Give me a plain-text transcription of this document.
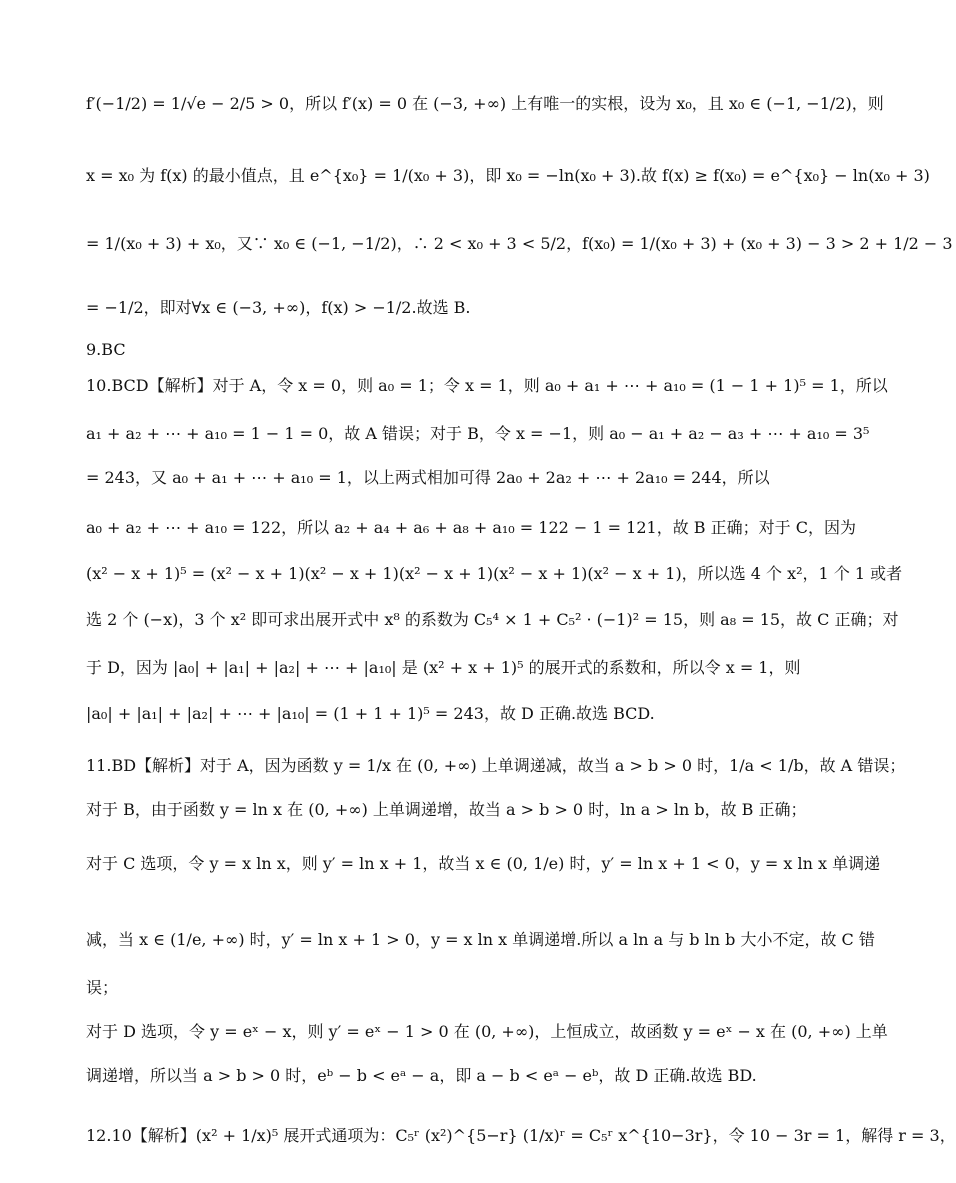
f′(−1/2) = 1/√e − 2/5 > 0，所以 f′(x) = 0 在 (−3, +∞) 上有唯一的实根，设为 x₀，且 x₀ ∈ (−1, −1/2)，则
x = x₀ 为 f(x) 的最小值点，且 e^{x₀} = 1/(x₀ + 3)，即 x₀ = −ln(x₀ + 3).故 f(x) ≥ f(x₀) = e^{x₀} − ln(x₀ + 3)
= 1/(x₀ + 3) + x₀，又∵ x₀ ∈ (−1, −1/2)，∴ 2 < x₀ + 3 < 5/2，f(x₀) = 1/(x₀ + 3) + (x₀ + 3) − 3 > 2 + 1/2 − 3
= −1/2，即对∀x ∈ (−3, +∞)，f(x) > −1/2.故选 B.
9.BC
10.BCD【解析】对于 A，令 x = 0，则 a₀ = 1；令 x = 1，则 a₀ + a₁ + ⋯ + a₁₀ = (1 − 1 + 1)⁵ = 1，所以
a₁ + a₂ + ⋯ + a₁₀ = 1 − 1 = 0，故 A 错误；对于 B，令 x = −1，则 a₀ − a₁ + a₂ − a₃ + ⋯ + a₁₀ = 3⁵
= 243，又 a₀ + a₁ + ⋯ + a₁₀ = 1，以上两式相加可得 2a₀ + 2a₂ + ⋯ + 2a₁₀ = 244，所以
a₀ + a₂ + ⋯ + a₁₀ = 122，所以 a₂ + a₄ + a₆ + a₈ + a₁₀ = 122 − 1 = 121，故 B 正确；对于 C，因为
(x² − x + 1)⁵ = (x² − x + 1)(x² − x + 1)(x² − x + 1)(x² − x + 1)(x² − x + 1)，所以选 4 个 x²，1 个 1 或者
选 2 个 (−x)，3 个 x² 即可求出展开式中 x⁸ 的系数为 C₅⁴ × 1 + C₅² · (−1)² = 15，则 a₈ = 15，故 C 正确；对
于 D，因为 |a₀| + |a₁| + |a₂| + ⋯ + |a₁₀| 是 (x² + x + 1)⁵ 的展开式的系数和，所以令 x = 1，则
|a₀| + |a₁| + |a₂| + ⋯ + |a₁₀| = (1 + 1 + 1)⁵ = 243，故 D 正确.故选 BCD.
11.BD【解析】对于 A，因为函数 y = 1/x 在 (0, +∞) 上单调递减，故当 a > b > 0 时，1/a < 1/b，故 A 错误；
对于 B，由于函数 y = ln x 在 (0, +∞) 上单调递增，故当 a > b > 0 时，ln a > ln b，故 B 正确；
对于 C 选项，令 y = x ln x，则 y′ = ln x + 1，故当 x ∈ (0, 1/e) 时，y′ = ln x + 1 < 0，y = x ln x 单调递
减，当 x ∈ (1/e, +∞) 时，y′ = ln x + 1 > 0，y = x ln x 单调递增.所以 a ln a 与 b ln b 大小不定，故 C 错
误；
对于 D 选项，令 y = eˣ − x，则 y′ = eˣ − 1 > 0 在 (0, +∞)，上恒成立，故函数 y = eˣ − x 在 (0, +∞) 上单
调递增，所以当 a > b > 0 时，eᵇ − b < eᵃ − a，即 a − b < eᵃ − eᵇ，故 D 正确.故选 BD.
12.10【解析】(x² + 1/x)⁵ 展开式通项为：C₅ʳ (x²)^{5−r} (1/x)ʳ = C₅ʳ x^{10−3r}，令 10 − 3r = 1，解得 r = 3，
